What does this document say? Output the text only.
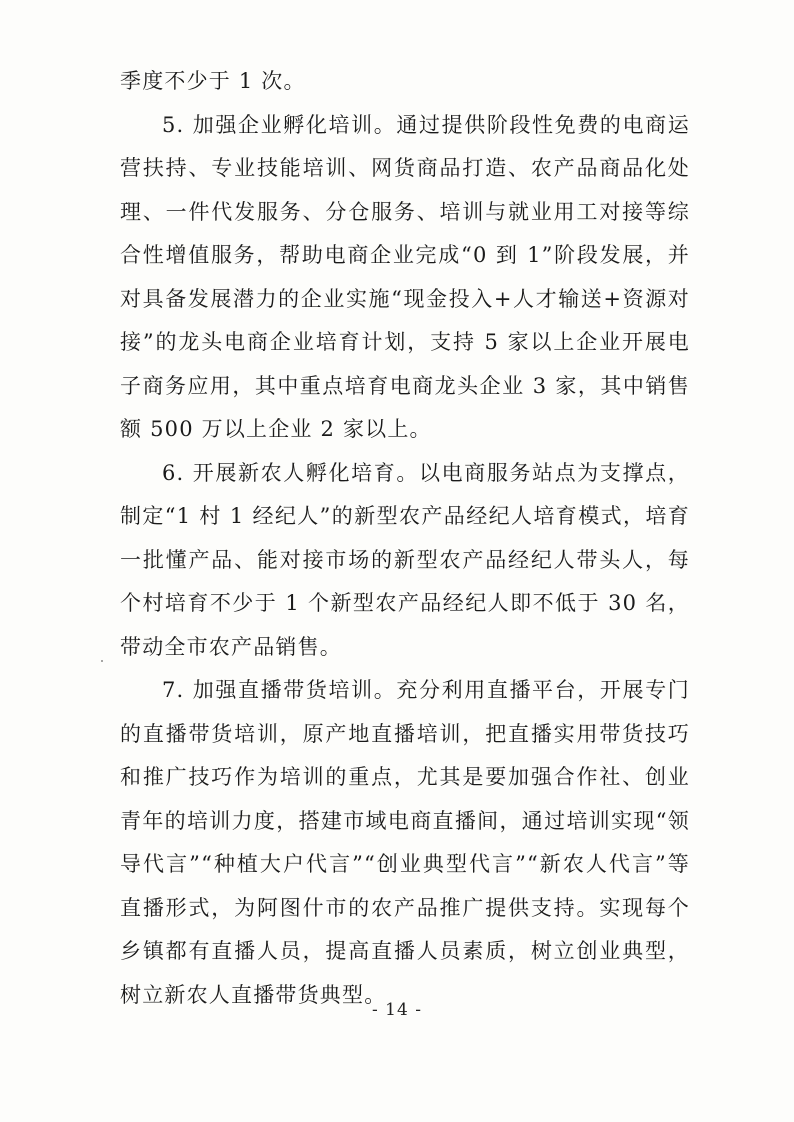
季度不少于 1 次。

5. 加强企业孵化培训。通过提供阶段性免费的电商运营扶持、专业技能培训、网货商品打造、农产品商品化处理、一件代发服务、分仓服务、培训与就业用工对接等综合性增值服务，帮助电商企业完成“0 到 1”阶段发展，并对具备发展潜力的企业实施“现金投入+人才输送+资源对接”的龙头电商企业培育计划，支持 5 家以上企业开展电子商务应用，其中重点培育电商龙头企业 3 家，其中销售额 500 万以上企业 2 家以上。

6. 开展新农人孵化培育。以电商服务站点为支撑点，制定“1 村 1 经纪人”的新型农产品经纪人培育模式，培育一批懂产品、能对接市场的新型农产品经纪人带头人，每个村培育不少于 1 个新型农产品经纪人即不低于 30 名，带动全市农产品销售。

7. 加强直播带货培训。充分利用直播平台，开展专门的直播带货培训，原产地直播培训，把直播实用带货技巧和推广技巧作为培训的重点，尤其是要加强合作社、创业青年的培训力度，搭建市域电商直播间，通过培训实现“领导代言”“种植大户代言”“创业典型代言”“新农人代言”等直播形式，为阿图什市的农产品推广提供支持。实现每个乡镇都有直播人员，提高直播人员素质，树立创业典型，树立新农人直播带货典型。

- 14 -
